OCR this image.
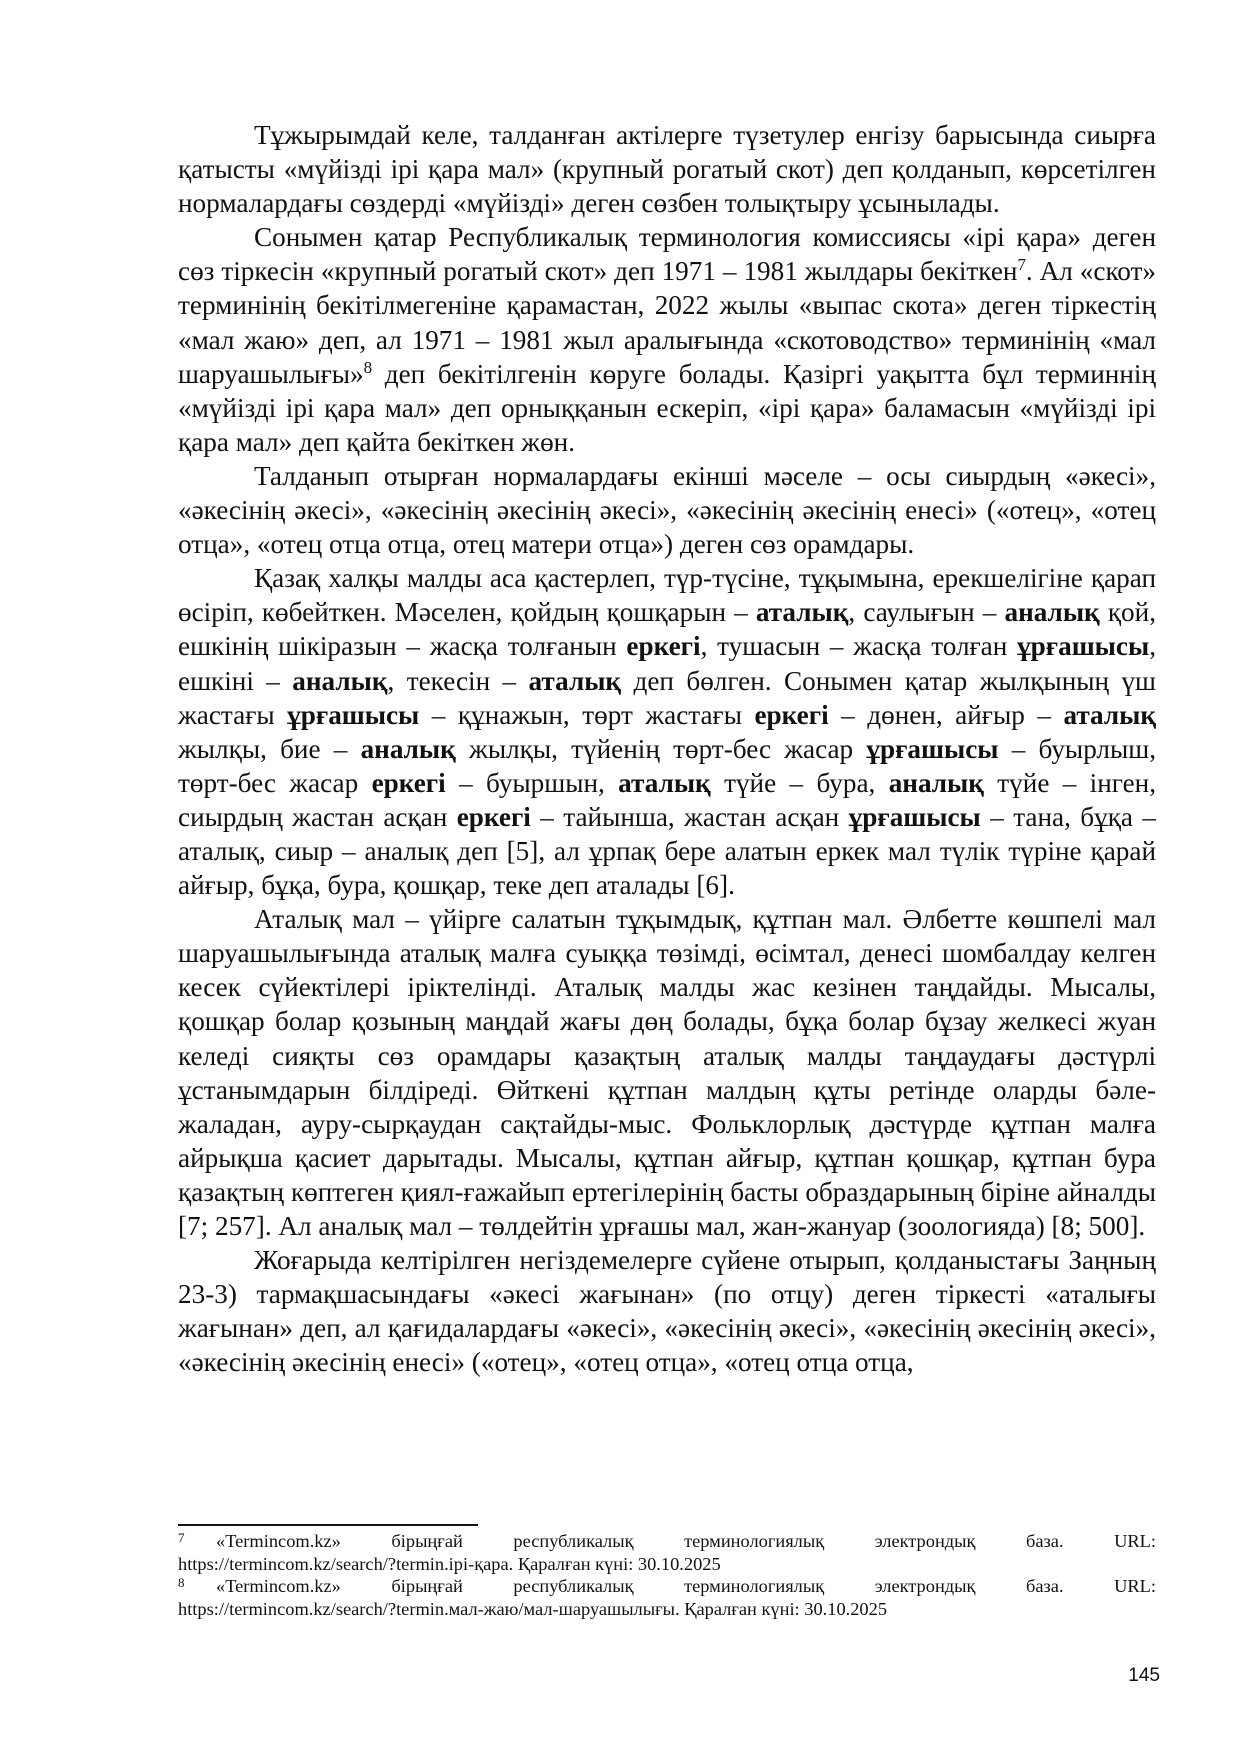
Тұжырымдай келе, талданған актілерге түзетулер енгізу барысында сиырға қатысты «мүйізді ірі қара мал» (крупный рогатый скот) деп қолданып, көрсетілген нормалардағы сөздерді «мүйізді» деген сөзбен толықтыру ұсынылады.

Сонымен қатар Республикалық терминология комиссиясы «ірі қара» деген сөз тіркесін «крупный рогатый скот» деп 1971 – 1981 жылдары бекіткен$^7$. Ал «скот» терминінің бекітілмегеніне қарамастан, 2022 жылы «выпас скота» деген тіркестің «мал жаю» деп, ал 1971 – 1981 жыл аралығында «скотоводство» терминінің «мал шаруашылығы»$^8$ деп бекітілгенін көруге болады. Қазіргі уақытта бұл терминнің «мүйізді ірі қара мал» деп орныққанын ескеріп, «ірі қара» баламасын «мүйізді ірі қара мал» деп қайта бекіткен жөн.

Талданып отырған нормалардағы екінші мәселе – осы сиырдың «әкесі», «әкесінің әкесі», «әкесінің әкесінің әкесі», «әкесінің әкесінің енесі» («отец», «отец отца», «отец отца отца, отец матери отца») деген сөз орамдары.

Қазақ халқы малды аса қастерлеп, түр-түсіне, тұқымына, ерекшелігіне қарап өсіріп, көбейткен. Мәселен, қойдың қошқарын – аталық, саулығын – аналық қой, ешкінің шікіразын – жасқа толғанын еркегі, тушасын – жасқа толған ұрғашысы, ешкіні – аналық, текесін – аталық деп бөлген. Сонымен қатар жылқының үш жастағы ұрғашысы – құнажын, төрт жастағы еркегі – дөнен, айғыр – аталық жылқы, бие – аналық жылқы, түйенің төрт-бес жасар ұрғашысы – буырлыш, төрт-бес жасар еркегі – буыршын, аталық түйе – бура, аналық түйе – інген, сиырдың жастан асқан еркегі – тайынша, жастан асқан ұрғашысы – тана, бұқа – аталық, сиыр – аналық деп [5], ал ұрпақ бере алатын еркек мал түлік түріне қарай айғыр, бұқа, бура, қошқар, теке деп аталады [6].

Аталық мал – үйірге салатын тұқымдық, құтпан мал. Әлбетте көшпелі мал шаруашылығында аталық малға суыққа төзімді, өсімтал, денесі шомбалдау келген кесек сүйектілері іріктелінді. Аталық малды жас кезінен таңдайды. Мысалы, қошқар болар қозының маңдай жағы дөң болады, бұқа болар бұзау желкесі жуан келеді сияқты сөз орамдары қазақтың аталық малды таңдаудағы дәстүрлі ұстанымдарын білдіреді. Өйткені құтпан малдың құты ретінде оларды бәле-жаладан, ауру-сырқаудан сақтайды-мыс. Фольклорлық дәстүрде құтпан малға айрықша қасиет дарытады. Мысалы, құтпан айғыр, құтпан қошқар, құтпан бура қазақтың көптеген қиял-ғажайып ертегілерінің басты образдарының біріне айналды [7; 257]. Ал аналық мал – төлдейтін ұрғашы мал, жан-жануар (зоологияда) [8; 500].

Жоғарыда келтірілген негіздемелерге сүйене отырып, қолданыстағы Заңның 23-3) тармақшасындағы «әкесі жағынан» (по отцу) деген тіркесті «аталығы жағынан» деп, ал қағидалардағы «әкесі», «әкесінің әкесі», «әкесінің әкесінің әкесі», «әкесінің әкесінің енесі» («отец», «отец отца», «отец отца отца,

7 «Termincom.kz» бірыңғай республикалық терминологиялық электрондық база. URL:

https://termincom.kz/search/?termin.ірі-қара. Қаралған күні: 30.10.2025

8 «Termincom.kz» бірыңғай республикалық терминологиялық электрондық база. URL:

https://termincom.kz/search/?termin.мал-жаю/мал-шаруашылығы. Қаралған күні: 30.10.2025

145
